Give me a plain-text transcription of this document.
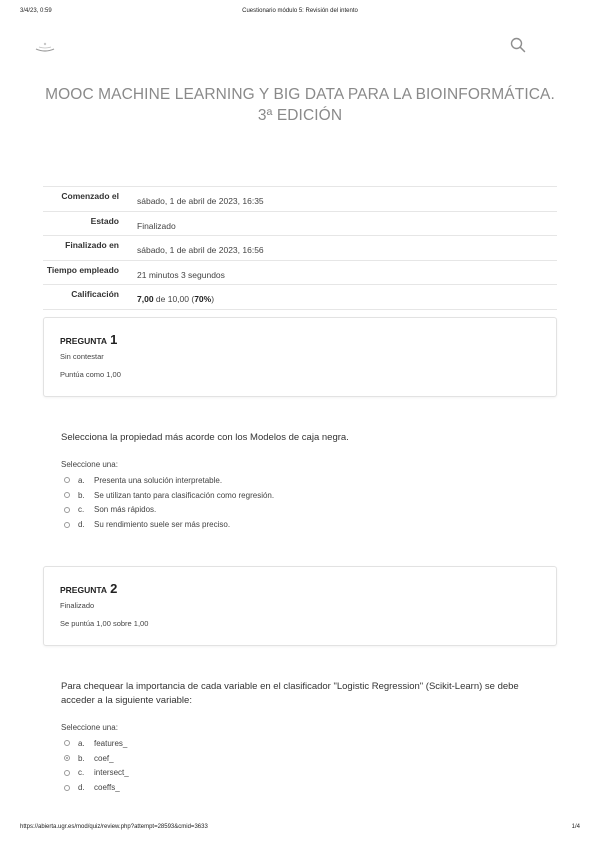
3/4/23, 0:59	Cuestionario módulo 5: Revisión del intento
MOOC MACHINE LEARNING Y BIG DATA PARA LA BIOINFORMÁTICA. 3ª EDICIÓN
Comenzado el	sábado, 1 de abril de 2023, 16:35
Estado	Finalizado
Finalizado en	sábado, 1 de abril de 2023, 16:56
Tiempo empleado	21 minutos 3 segundos
Calificación	7,00 de 10,00 (70%)
PREGUNTA 1
Sin contestar
Puntúa como 1,00
Selecciona la propiedad más acorde con los Modelos de caja negra.
Seleccione una:
a.	Presenta una solución interpretable.
b.	Se utilizan tanto para clasificación como regresión.
c.	Son más rápidos.
d.	Su rendimiento suele ser más preciso.
PREGUNTA 2
Finalizado
Se puntúa 1,00 sobre 1,00
Para chequear la importancia de cada variable en el clasificador "Logistic Regression" (Scikit-Learn) se debe acceder a la siguiente variable:
Seleccione una:
a.	features_
b.	coef_
c.	intersect_
d.	coeffs_
https://abierta.ugr.es/mod/quiz/review.php?attempt=28593&cmid=3633	1/4
